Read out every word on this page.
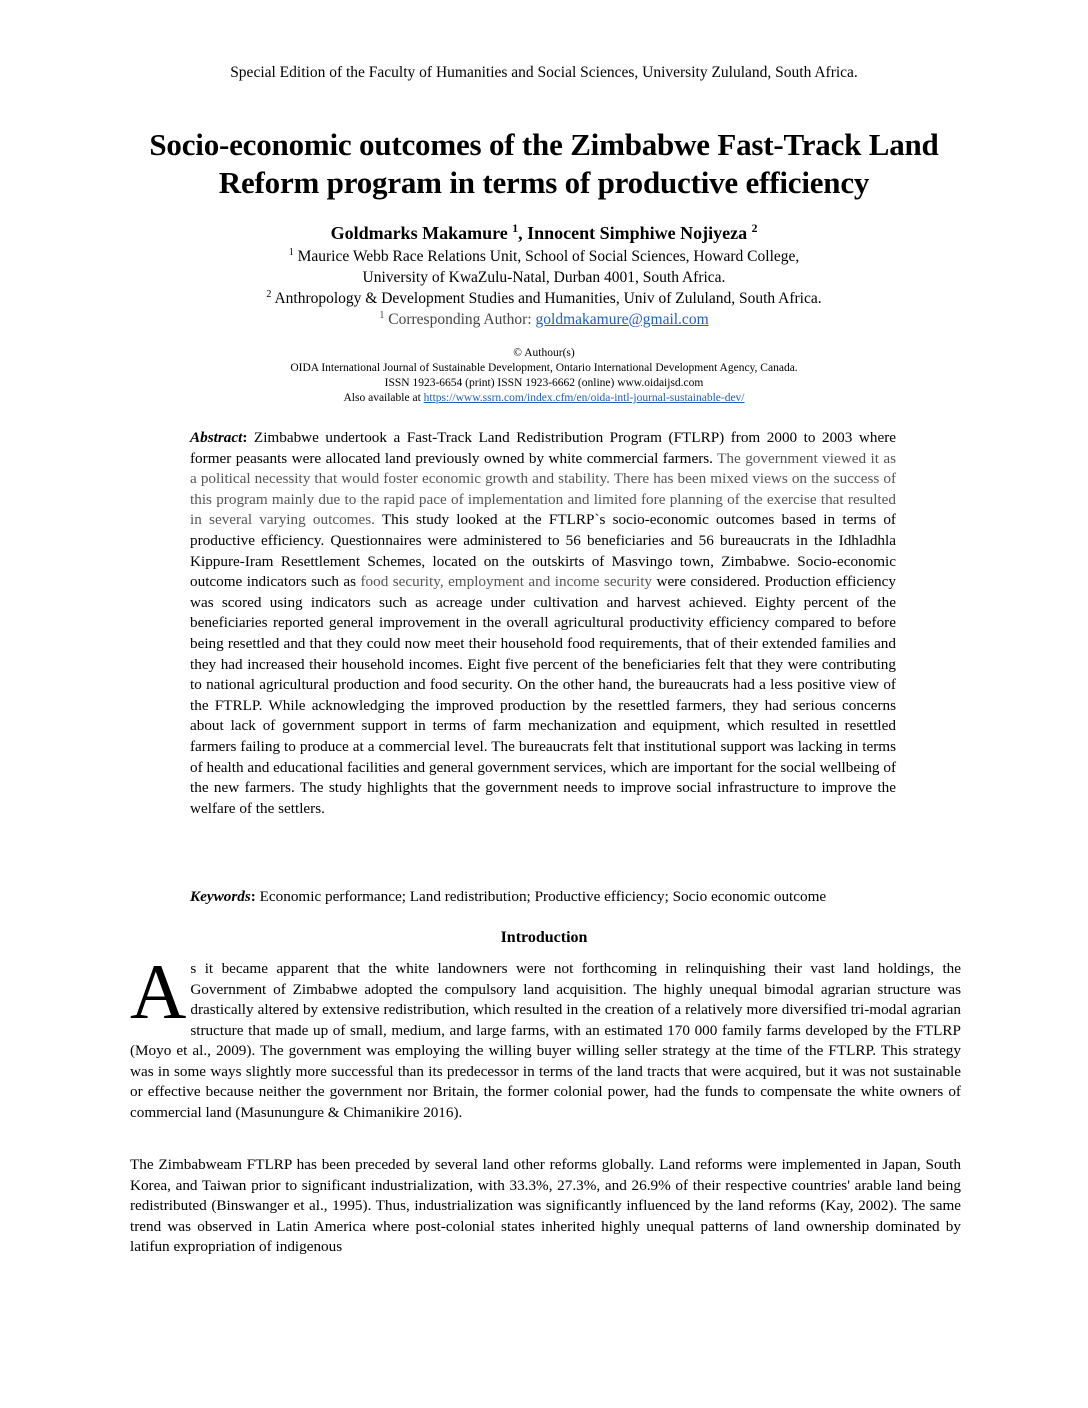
Special Edition of the Faculty of Humanities and Social Sciences, University Zululand, South Africa.
Socio-economic outcomes of the Zimbabwe Fast-Track Land
Reform program in terms of productive efficiency
Goldmarks Makamure $^1$, Innocent Simphiwe Nojiyeza $^2$
$^1$ Maurice Webb Race Relations Unit, School of Social Sciences, Howard College,
University of KwaZulu-Natal, Durban 4001, South Africa.
$^2$ Anthropology & Development Studies and Humanities, Univ of Zululand, South Africa.
$^1$ Corresponding Author: goldmakamure@gmail.com
© Authour(s)
OIDA International Journal of Sustainable Development, Ontario International Development Agency, Canada.
ISSN 1923-6654 (print) ISSN 1923-6662 (online) www.oidaijsd.com
Also available at https://www.ssrn.com/index.cfm/en/oida-intl-journal-sustainable-dev/
Abstract: Zimbabwe undertook a Fast-Track Land Redistribution Program (FTLRP) from 2000 to 2003 where former peasants were allocated land previously owned by white commercial farmers. The government viewed it as a political necessity that would foster economic growth and stability. There has been mixed views on the success of this program mainly due to the rapid pace of implementation and limited fore planning of the exercise that resulted in several varying outcomes. This study looked at the FTLRP`s socio-economic outcomes based in terms of productive efficiency. Questionnaires were administered to 56 beneficiaries and 56 bureaucrats in the Idhladhla Kippure-Iram Resettlement Schemes, located on the outskirts of Masvingo town, Zimbabwe. Socio-economic outcome indicators such as food security, employment and income security were considered. Production efficiency was scored using indicators such as acreage under cultivation and harvest achieved. Eighty percent of the beneficiaries reported general improvement in the overall agricultural productivity efficiency compared to before being resettled and that they could now meet their household food requirements, that of their extended families and they had increased their household incomes. Eight five percent of the beneficiaries felt that they were contributing to national agricultural production and food security. On the other hand, the bureaucrats had a less positive view of the FTRLP. While acknowledging the improved production by the resettled farmers, they had serious concerns about lack of government support in terms of farm mechanization and equipment, which resulted in resettled farmers failing to produce at a commercial level. The bureaucrats felt that institutional support was lacking in terms of health and educational facilities and general government services, which are important for the social wellbeing of the new farmers. The study highlights that the government needs to improve social infrastructure to improve the welfare of the settlers.
Keywords: Economic performance; Land redistribution; Productive efficiency; Socio economic outcome
Introduction
A s it became apparent that the white landowners were not forthcoming in relinquishing their vast land holdings, the Government of Zimbabwe adopted the compulsory land acquisition. The highly unequal bimodal agrarian structure was drastically altered by extensive redistribution, which resulted in the creation of a relatively more diversified tri-modal agrarian structure that made up of small, medium, and large farms, with an estimated 170 000 family farms developed by the FTLRP (Moyo et al., 2009). The government was employing the willing buyer willing seller strategy at the time of the FTLRP. This strategy was in some ways slightly more successful than its predecessor in terms of the land tracts that were acquired, but it was not sustainable or effective because neither the government nor Britain, the former colonial power, had the funds to compensate the white owners of commercial land (Masunungure & Chimanikire 2016).
The Zimbabweam FTLRP has been preceded by several land other reforms globally. Land reforms were implemented in Japan, South Korea, and Taiwan prior to significant industrialization, with 33.3%, 27.3%, and 26.9% of their respective countries' arable land being redistributed (Binswanger et al., 1995). Thus, industrialization was significantly influenced by the land reforms (Kay, 2002). The same trend was observed in Latin America where post-colonial states inherited highly unequal patterns of land ownership dominated by latifun expropriation of indigenous
